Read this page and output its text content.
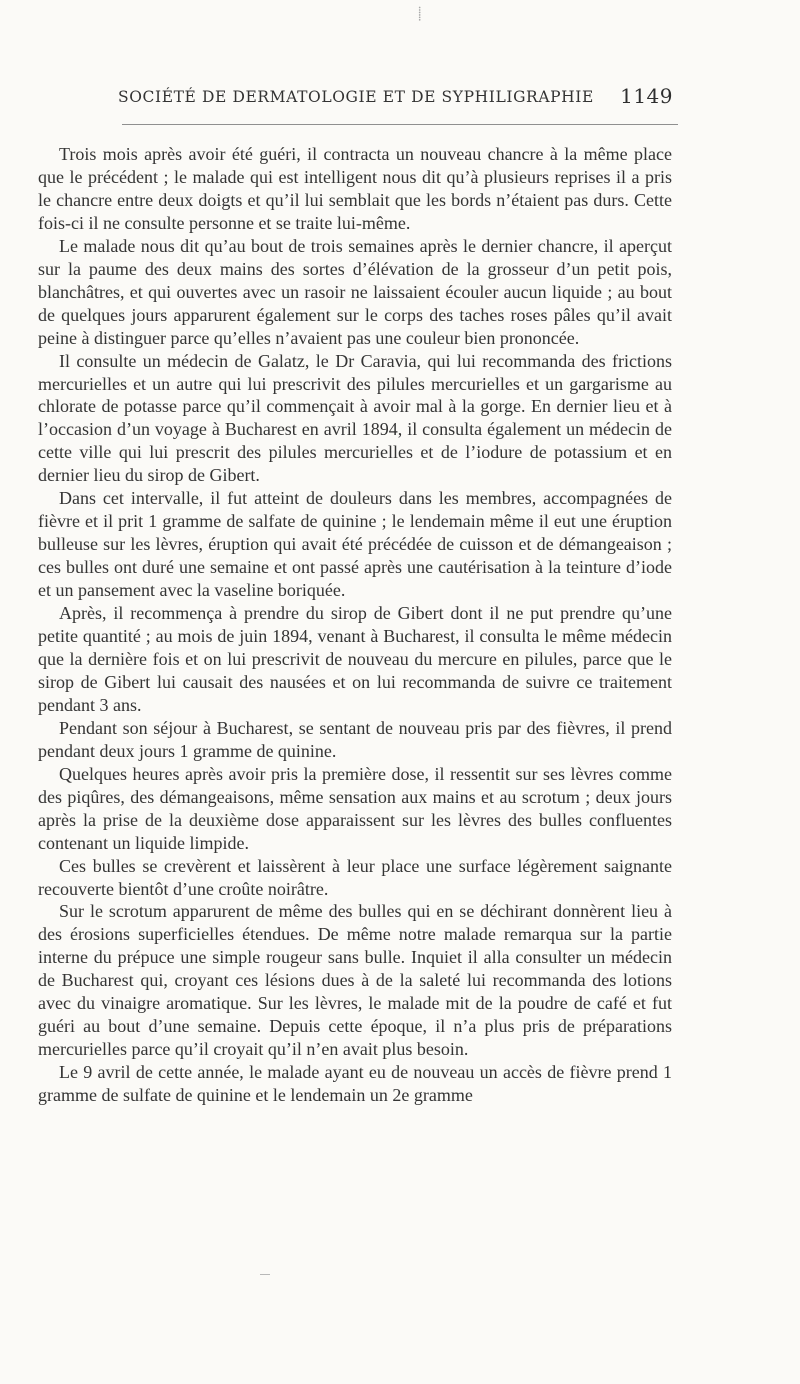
⸽
SOCIÉTÉ DE DERMATOLOGIE ET DE SYPHILIGRAPHIE	1149

Trois mois après avoir été guéri, il contracta un nouveau chancre à la même place que le précédent ; le malade qui est intelligent nous dit qu’à plusieurs reprises il a pris le chancre entre deux doigts et qu’il lui semblait que les bords n’étaient pas durs. Cette fois-ci il ne consulte personne et se traite lui-même.

Le malade nous dit qu’au bout de trois semaines après le dernier chancre, il aperçut sur la paume des deux mains des sortes d’élévation de la grosseur d’un petit pois, blanchâtres, et qui ouvertes avec un rasoir ne laissaient écouler aucun liquide ; au bout de quelques jours apparurent également sur le corps des taches roses pâles qu’il avait peine à distinguer parce qu’elles n’avaient pas une couleur bien prononcée.

Il consulte un médecin de Galatz, le Dr Caravia, qui lui recommanda des frictions mercurielles et un autre qui lui prescrivit des pilules mercurielles et un gargarisme au chlorate de potasse parce qu’il commençait à avoir mal à la gorge. En dernier lieu et à l’occasion d’un voyage à Bucharest en avril 1894, il consulta également un médecin de cette ville qui lui prescrit des pilules mercurielles et de l’iodure de potassium et en dernier lieu du sirop de Gibert.

Dans cet intervalle, il fut atteint de douleurs dans les membres, accompagnées de fièvre et il prit 1 gramme de salfate de quinine ; le lendemain même il eut une éruption bulleuse sur les lèvres, éruption qui avait été précédée de cuisson et de démangeaison ; ces bulles ont duré une semaine et ont passé après une cautérisation à la teinture d’iode et un pansement avec la vaseline boriquée.

Après, il recommença à prendre du sirop de Gibert dont il ne put prendre qu’une petite quantité ; au mois de juin 1894, venant à Bucharest, il consulta le même médecin que la dernière fois et on lui prescrivit de nouveau du mercure en pilules, parce que le sirop de Gibert lui causait des nausées et on lui recommanda de suivre ce traitement pendant 3 ans.

Pendant son séjour à Bucharest, se sentant de nouveau pris par des fièvres, il prend pendant deux jours 1 gramme de quinine.

Quelques heures après avoir pris la première dose, il ressentit sur ses lèvres comme des piqûres, des démangeaisons, même sensation aux mains et au scrotum ; deux jours après la prise de la deuxième dose apparaissent sur les lèvres des bulles confluentes contenant un liquide limpide.

Ces bulles se crevèrent et laissèrent à leur place une surface légèrement saignante recouverte bientôt d’une croûte noirâtre.

Sur le scrotum apparurent de même des bulles qui en se déchirant donnèrent lieu à des érosions superficielles étendues. De même notre malade remarqua sur la partie interne du prépuce une simple rougeur sans bulle. Inquiet il alla consulter un médecin de Bucharest qui, croyant ces lésions dues à de la saleté lui recommanda des lotions avec du vinaigre aromatique. Sur les lèvres, le malade mit de la poudre de café et fut guéri au bout d’une semaine. Depuis cette époque, il n’a plus pris de préparations mercurielles parce qu’il croyait qu’il n’en avait plus besoin.

Le 9 avril de cette année, le malade ayant eu de nouveau un accès de fièvre prend 1 gramme de sulfate de quinine et le lendemain un 2e gramme
